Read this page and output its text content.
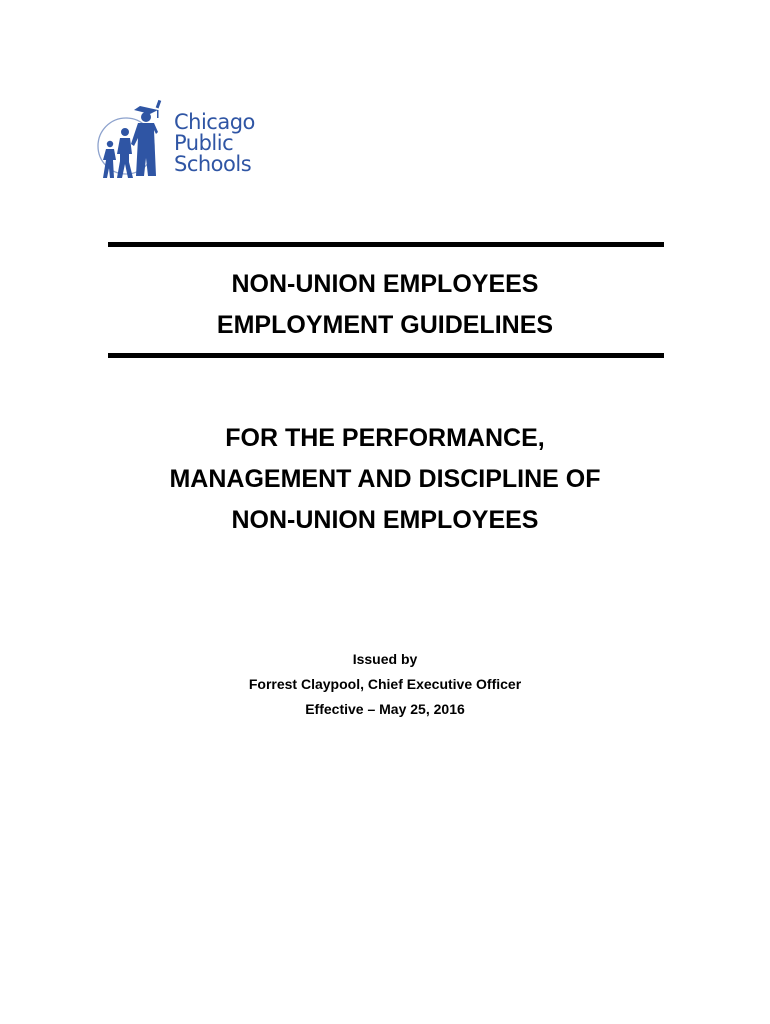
Chicago
Public
Schools
NON-UNION EMPLOYEES
EMPLOYMENT GUIDELINES
FOR THE PERFORMANCE,
MANAGEMENT AND DISCIPLINE OF
NON-UNION EMPLOYEES
Issued by
Forrest Claypool, Chief Executive Officer
Effective – May 25, 2016
